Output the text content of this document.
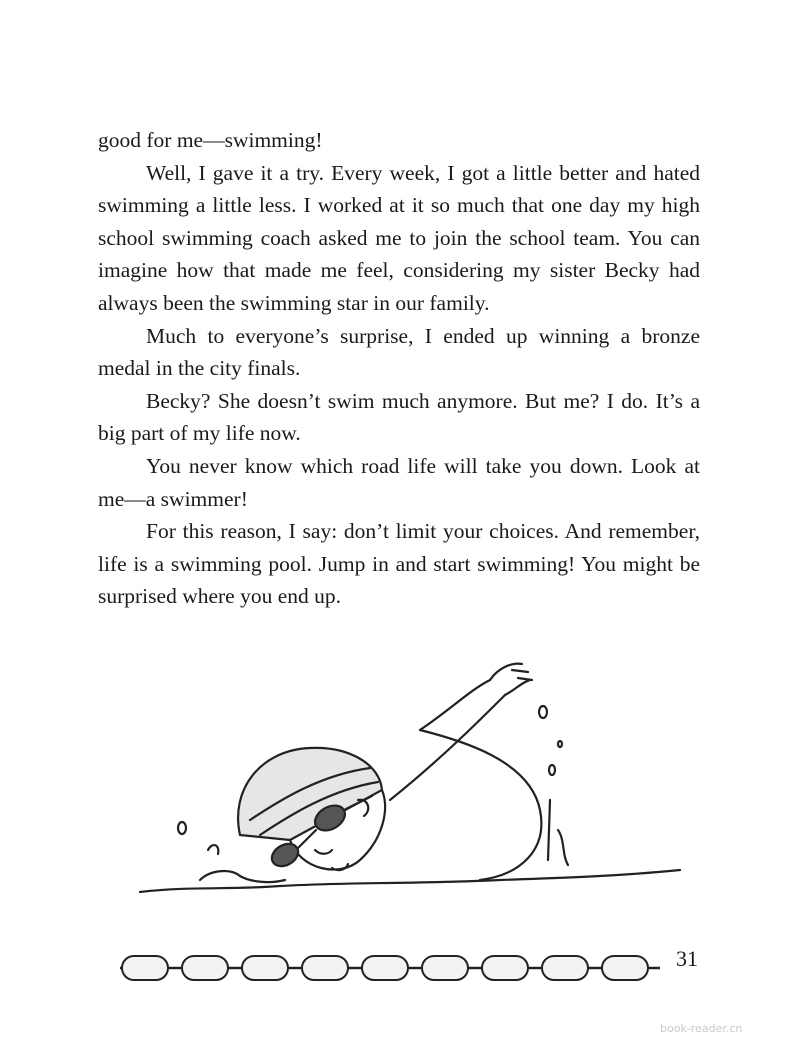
good for me—swimming!

Well, I gave it a try. Every week, I got a little better and hated swimming a little less. I worked at it so much that one day my high school swimming coach asked me to join the school team. You can imagine how that made me feel, considering my sister Becky had always been the swimming star in our family.

Much to everyone’s surprise, I ended up winning a bronze medal in the city finals.

Becky? She doesn’t swim much anymore. But me? I do. It’s a big part of my life now.

You never know which road life will take you down. Look at me—a swimmer!

For this reason, I say: don’t limit your choices. And remember, life is a swimming pool. Jump in and start swimming! You might be surprised where you end up.

31
book-reader.cn
